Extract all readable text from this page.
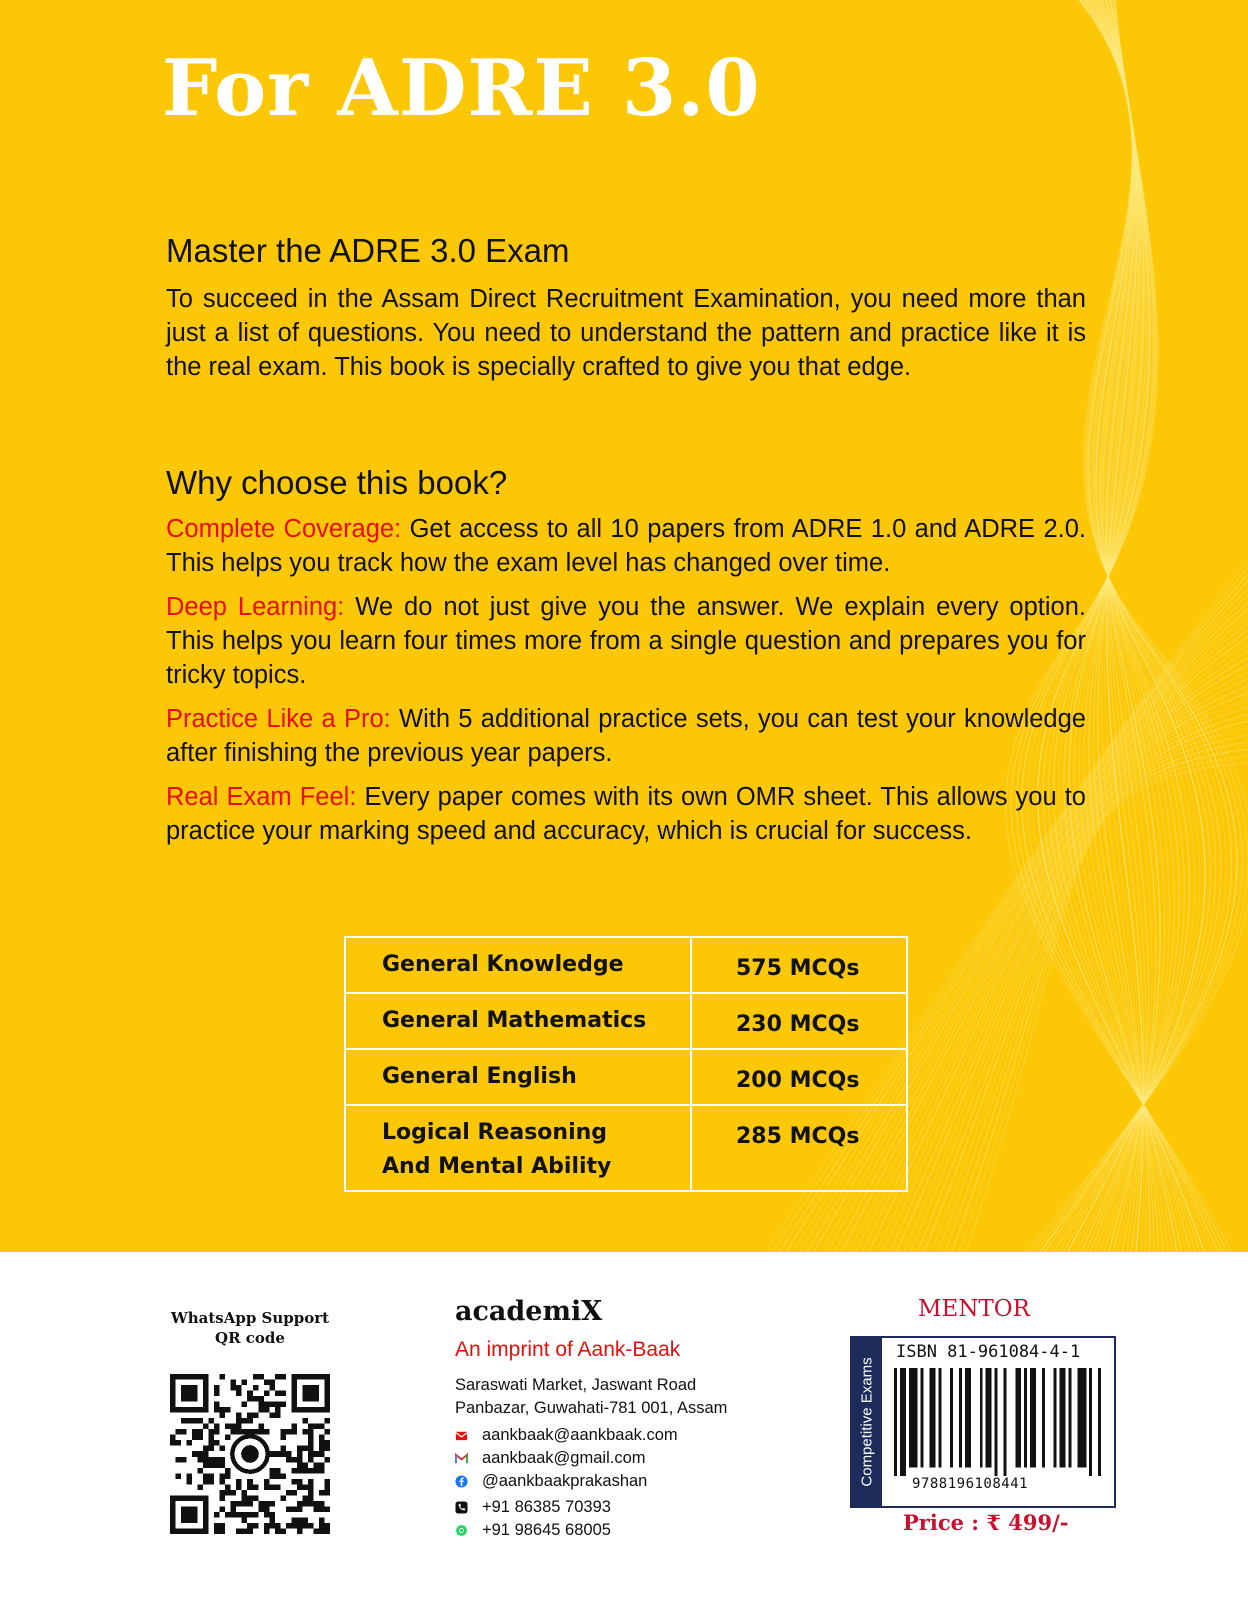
For ADRE 3.0
Master the ADRE 3.0 Exam

To succeed in the Assam Direct Recruitment Examination, you need more than just a list of questions. You need to understand the pattern and practice like it is the real exam. This book is specially crafted to give you that edge.

Why choose this book?

Complete Coverage: Get access to all 10 papers from ADRE 1.0 and ADRE 2.0. This helps you track how the exam level has changed over time.

Deep Learning: We do not just give you the answer. We explain every option. This helps you learn four times more from a single question and prepares you for tricky topics.

Practice Like a Pro: With 5 additional practice sets, you can test your knowledge after finishing the previous year papers.

Real Exam Feel: Every paper comes with its own OMR sheet. This allows you to practice your marking speed and accuracy, which is crucial for success.

General Knowledge	575 MCQs
General Mathematics	230 MCQs
General English	200 MCQs
Logical Reasoning
And Mental Ability	285 MCQs
WhatsApp Support
QR code
academiX
An imprint of Aank-Baak
Saraswati Market, Jaswant Road
Panbazar, Guwahati-781 001, Assam
aankbaak@aankbaak.com
aankbaak@gmail.com
@aankbaakprakashan
+91 86385 70393
+91 98645 68005
MENTOR
Competitive Exams
ISBN 81-961084-4-1
9788196108441
Price : ₹ 499/-
